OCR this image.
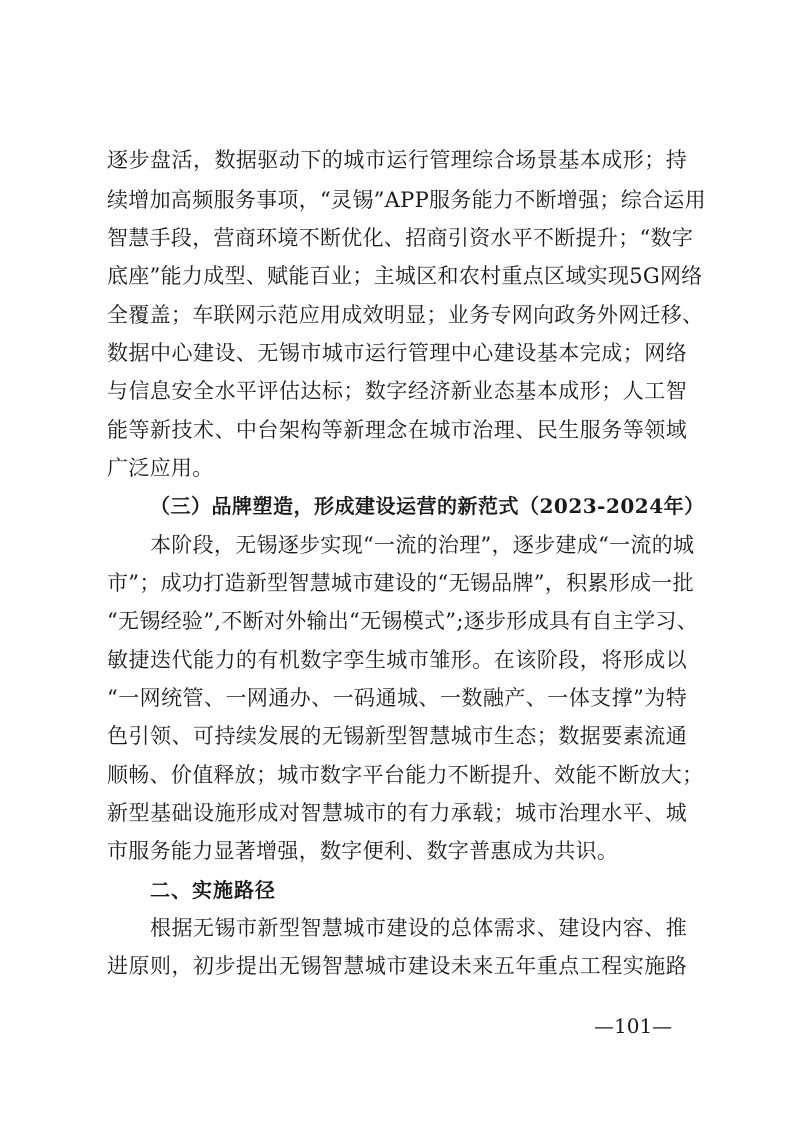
逐步盘活，数据驱动下的城市运行管理综合场景基本成形；持
续增加高频服务事项，“灵锡”APP服务能力不断增强；综合运用
智慧手段，营商环境不断优化、招商引资水平不断提升；“数字
底座”能力成型、赋能百业；主城区和农村重点区域实现5G网络
全覆盖；车联网示范应用成效明显；业务专网向政务外网迁移、
数据中心建设、无锡市城市运行管理中心建设基本完成；网络
与信息安全水平评估达标；数字经济新业态基本成形；人工智
能等新技术、中台架构等新理念在城市治理、民生服务等领域
广泛应用。
（三）品牌塑造，形成建设运营的新范式（2023-2024年）
本阶段，无锡逐步实现“一流的治理”，逐步建成“一流的城
市”；成功打造新型智慧城市建设的“无锡品牌”，积累形成一批
“无锡经验”,不断对外输出“无锡模式”;逐步形成具有自主学习、
敏捷迭代能力的有机数字孪生城市雏形。在该阶段，将形成以
“一网统管、一网通办、一码通城、一数融产、一体支撑”为特
色引领、可持续发展的无锡新型智慧城市生态；数据要素流通
顺畅、价值释放；城市数字平台能力不断提升、效能不断放大；
新型基础设施形成对智慧城市的有力承载；城市治理水平、城
市服务能力显著增强，数字便利、数字普惠成为共识。
二、实施路径
根据无锡市新型智慧城市建设的总体需求、建设内容、推
进原则，初步提出无锡智慧城市建设未来五年重点工程实施路
—101—
